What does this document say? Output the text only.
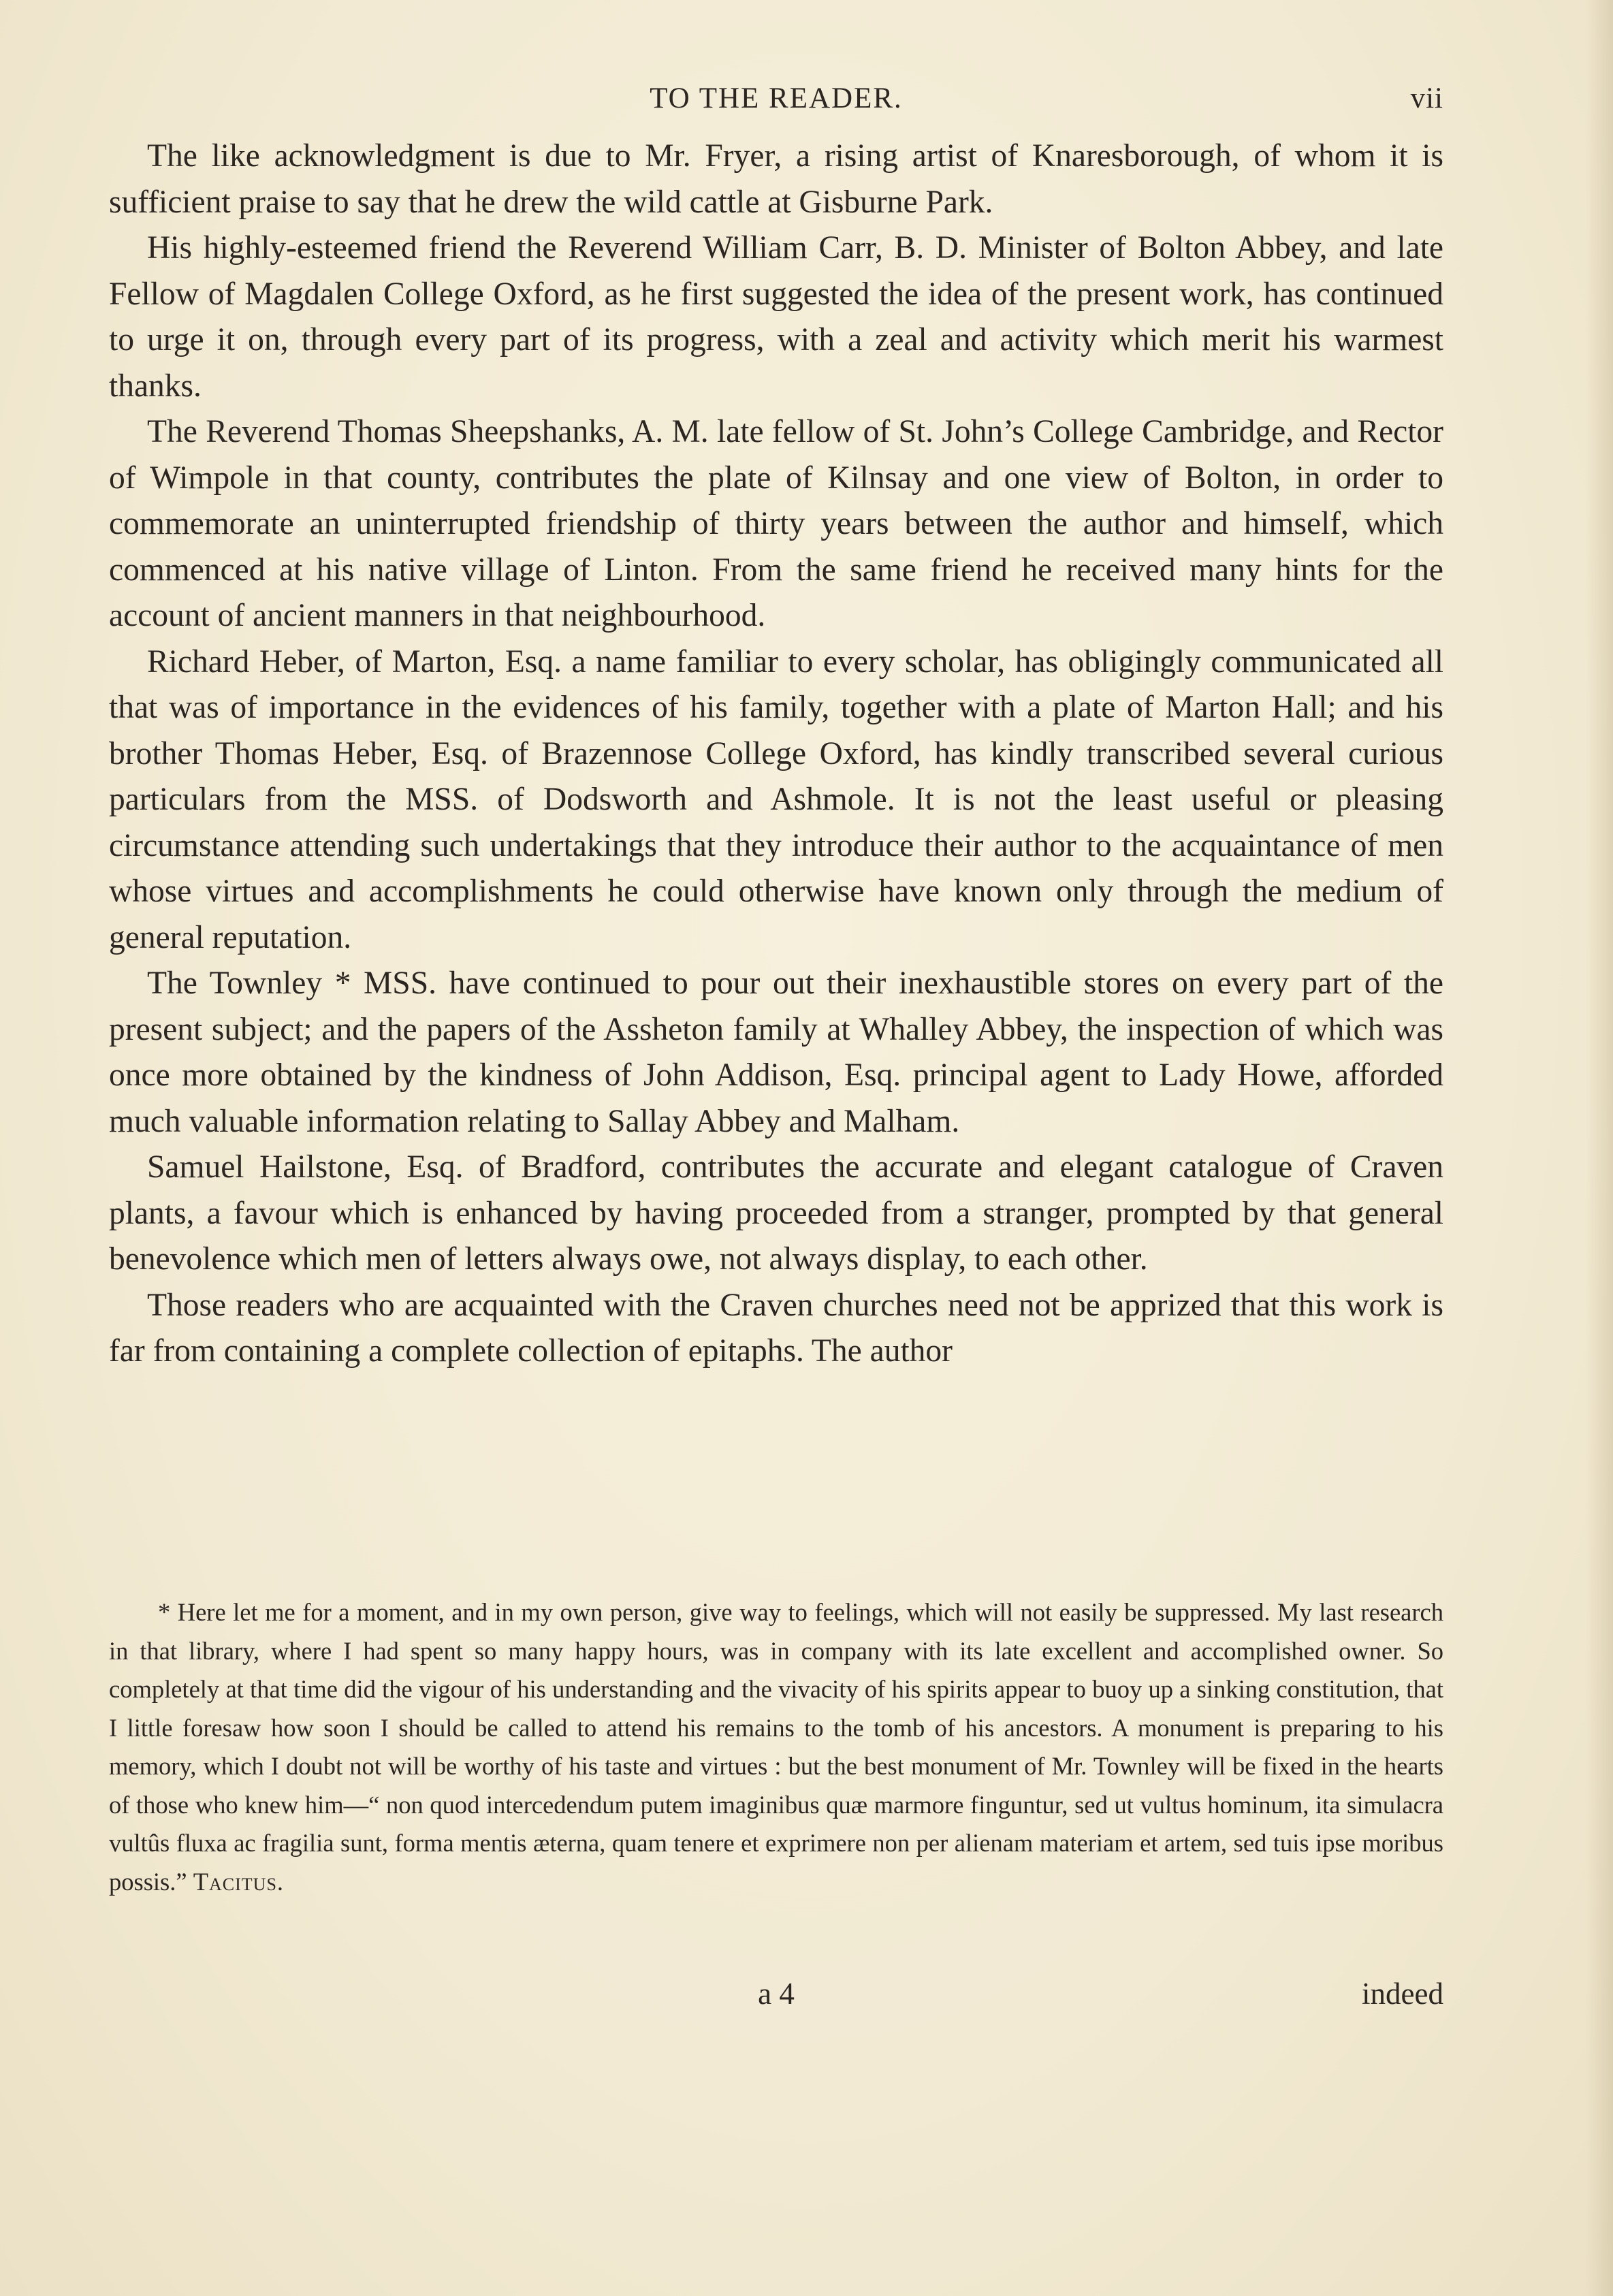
TO THE READER.	vii

The like acknowledgment is due to Mr. Fryer, a rising artist of Knaresborough, of whom it is sufficient praise to say that he drew the wild cattle at Gisburne Park.

His highly-esteemed friend the Reverend William Carr, B. D. Minister of Bolton Abbey, and late Fellow of Magdalen College Oxford, as he first suggested the idea of the present work, has continued to urge it on, through every part of its progress, with a zeal and activity which merit his warmest thanks.

The Reverend Thomas Sheepshanks, A. M. late fellow of St. John’s College Cambridge, and Rector of Wimpole in that county, contributes the plate of Kilnsay and one view of Bolton, in order to commemorate an uninterrupted friendship of thirty years between the author and himself, which commenced at his native village of Linton. From the same friend he received many hints for the account of ancient manners in that neighbourhood.

Richard Heber, of Marton, Esq. a name familiar to every scholar, has obligingly communicated all that was of importance in the evidences of his family, together with a plate of Marton Hall; and his brother Thomas Heber, Esq. of Brazennose College Oxford, has kindly transcribed several curious particulars from the MSS. of Dodsworth and Ashmole. It is not the least useful or pleasing circumstance attending such undertakings that they introduce their author to the acquaintance of men whose virtues and accomplishments he could otherwise have known only through the medium of general reputation.

The Townley * MSS. have continued to pour out their inexhaustible stores on every part of the present subject; and the papers of the Assheton family at Whalley Abbey, the inspection of which was once more obtained by the kindness of John Addison, Esq. principal agent to Lady Howe, afforded much valuable information relating to Sallay Abbey and Malham.

Samuel Hailstone, Esq. of Bradford, contributes the accurate and elegant catalogue of Craven plants, a favour which is enhanced by having proceeded from a stranger, prompted by that general benevolence which men of letters always owe, not always display, to each other.

Those readers who are acquainted with the Craven churches need not be apprized that this work is far from containing a complete collection of epitaphs. The author

* Here let me for a moment, and in my own person, give way to feelings, which will not easily be suppressed. My last research in that library, where I had spent so many happy hours, was in company with its late excellent and accomplished owner. So completely at that time did the vigour of his understanding and the vivacity of his spirits appear to buoy up a sinking constitution, that I little foresaw how soon I should be called to attend his remains to the tomb of his ancestors. A monument is preparing to his memory, which I doubt not will be worthy of his taste and virtues : but the best monument of Mr. Townley will be fixed in the hearts of those who knew him—“ non quod intercedendum putem imaginibus quæ marmore finguntur, sed ut vultus hominum, ita simulacra vultûs fluxa ac fragilia sunt, forma mentis æterna, quam tenere et exprimere non per alienam materiam et artem, sed tuis ipse moribus possis.” Tacitus.

a 4	indeed
